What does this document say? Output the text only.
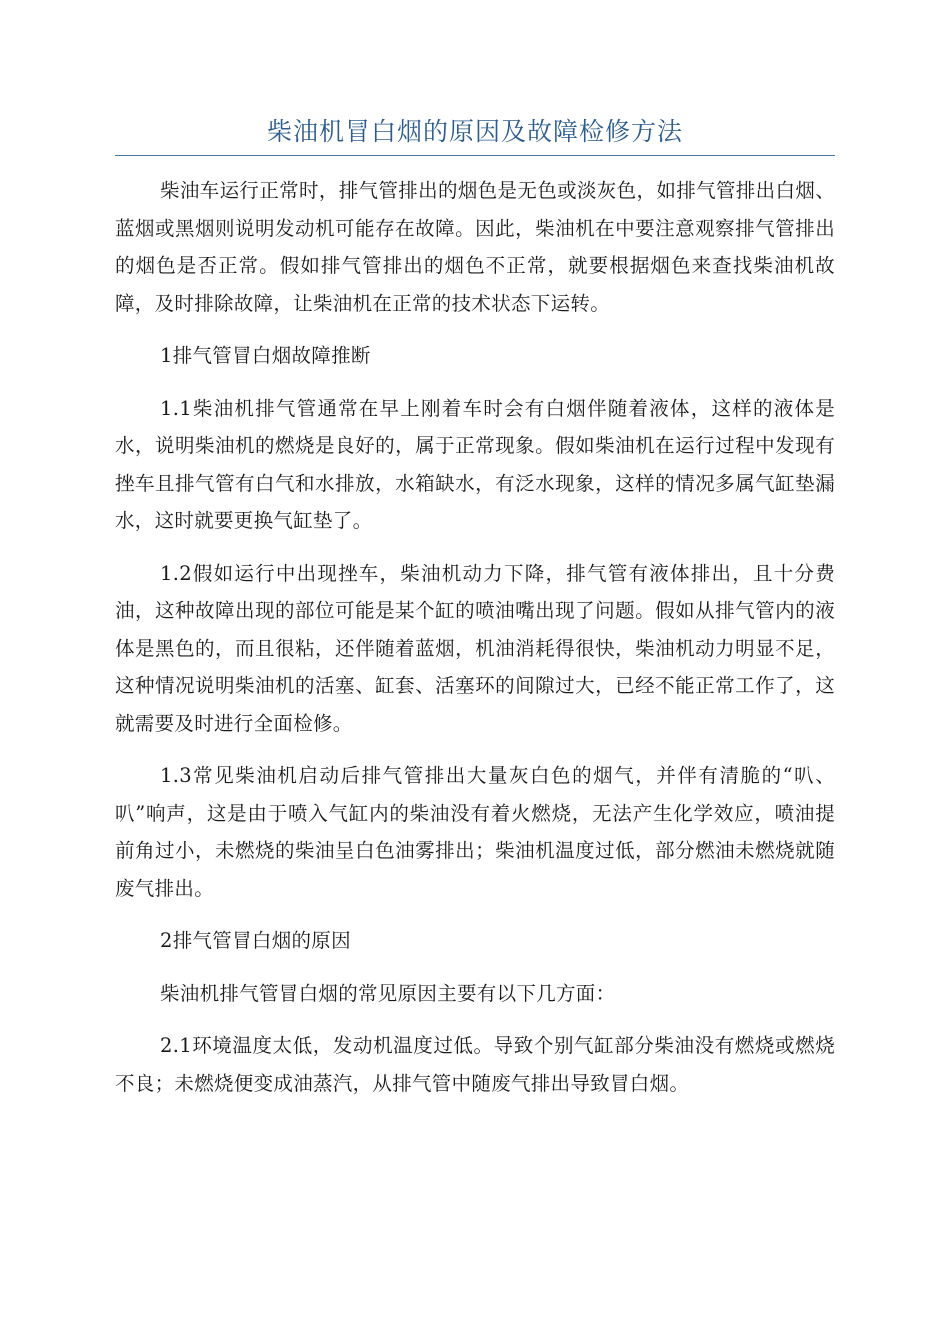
柴油机冒白烟的原因及故障检修方法

柴油车运行正常时，排气管排出的烟色是无色或淡灰色，如排气管排出白烟、蓝烟或黑烟则说明发动机可能存在故障。因此，柴油机在中要注意观察排气管排出的烟色是否正常。假如排气管排出的烟色不正常，就要根据烟色来查找柴油机故障，及时排除故障，让柴油机在正常的技术状态下运转。

1排气管冒白烟故障推断

1.1柴油机排气管通常在早上刚着车时会有白烟伴随着液体，这样的液体是水，说明柴油机的燃烧是良好的，属于正常现象。假如柴油机在运行过程中发现有挫车且排气管有白气和水排放，水箱缺水，有泛水现象，这样的情况多属气缸垫漏水，这时就要更换气缸垫了。

1.2假如运行中出现挫车，柴油机动力下降，排气管有液体排出，且十分费油，这种故障出现的部位可能是某个缸的喷油嘴出现了问题。假如从排气管内的液体是黑色的，而且很粘，还伴随着蓝烟，机油消耗得很快，柴油机动力明显不足，这种情况说明柴油机的活塞、缸套、活塞环的间隙过大，已经不能正常工作了，这就需要及时进行全面检修。

1.3常见柴油机启动后排气管排出大量灰白色的烟气，并伴有清脆的“叭、叭”响声，这是由于喷入气缸内的柴油没有着火燃烧，无法产生化学效应，喷油提前角过小，未燃烧的柴油呈白色油雾排出；柴油机温度过低，部分燃油未燃烧就随废气排出。

2排气管冒白烟的原因

柴油机排气管冒白烟的常见原因主要有以下几方面：

2.1环境温度太低，发动机温度过低。导致个别气缸部分柴油没有燃烧或燃烧不良；未燃烧便变成油蒸汽，从排气管中随废气排出导致冒白烟。
